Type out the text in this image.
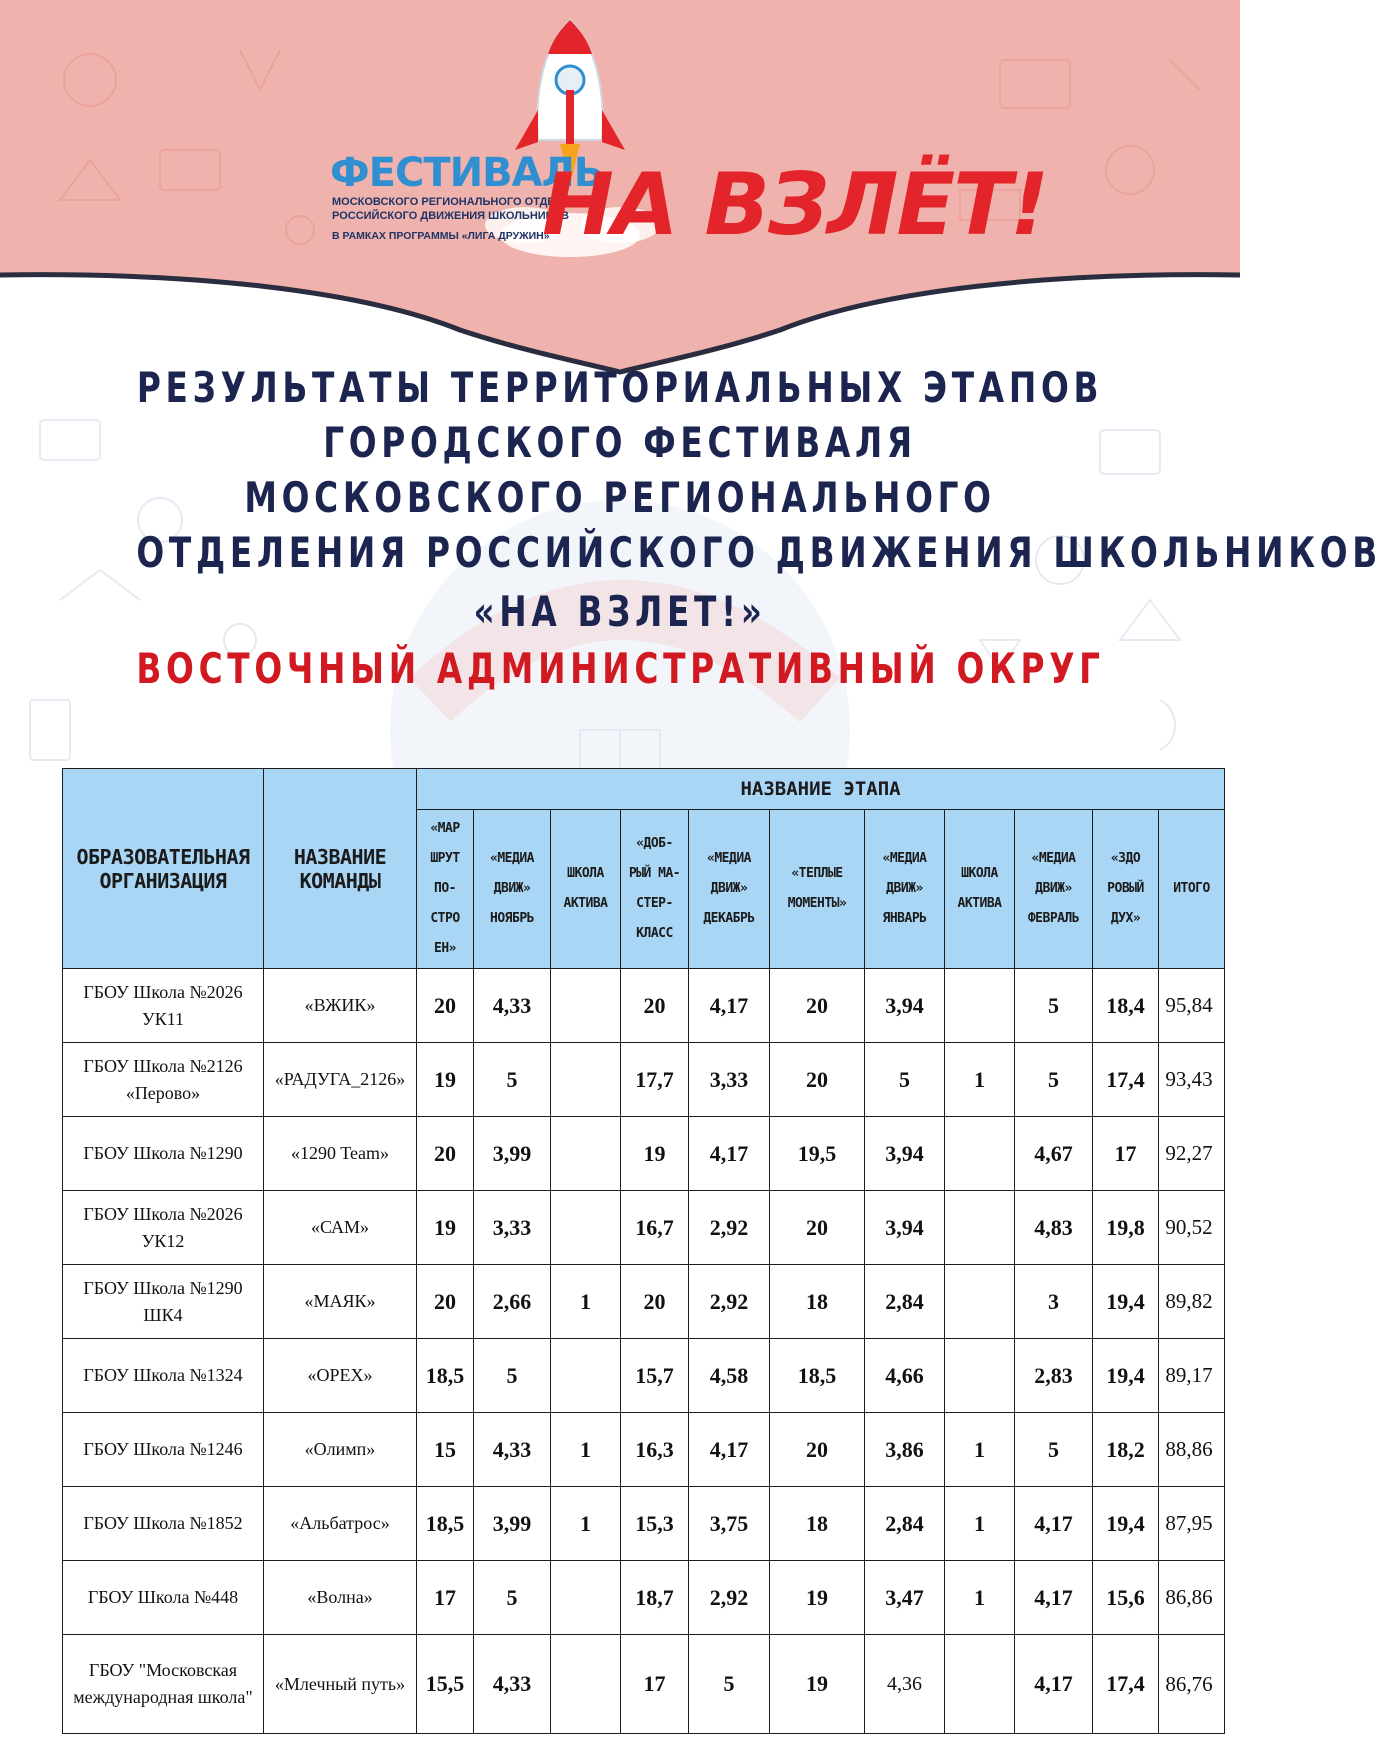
ФЕСТИВАЛЬ
МОСКОВСКОГО РЕГИОНАЛЬНОГО ОТДЕЛЕНИЯ
РОССИЙСКОГО ДВИЖЕНИЯ ШКОЛЬНИКОВ
В РАМКАХ ПРОГРАММЫ «ЛИГА ДРУЖИН»
НА ВЗЛЁТ!
РЕЗУЛЬТАТЫ ТЕРРИТОРИАЛЬНЫХ ЭТАПОВ
ГОРОДСКОГО ФЕСТИВАЛЯ
МОСКОВСКОГО РЕГИОНАЛЬНОГО
ОТДЕЛЕНИЯ РОССИЙСКОГО ДВИЖЕНИЯ ШКОЛЬНИКОВ
«НА ВЗЛЕТ!»
ВОСТОЧНЫЙ АДМИНИСТРАТИВНЫЙ ОКРУГ
ОБРАЗОВАТЕЛЬНАЯ ОРГАНИЗАЦИЯ	НАЗВАНИЕ КОМАНДЫ	НАЗВАНИЕ ЭТАПА										
		«МАР ШРУТ ПО- СТРО ЕН»	«МЕДИА ДВИЖ» НОЯБРЬ	ШКОЛА АКТИВА	«ДОБ- РЫЙ МА- СТЕР- КЛАСС	«МЕДИА ДВИЖ» ДЕКАБРЬ	«ТЕПЛЫЕ МОМЕНТЫ»	«МЕДИА ДВИЖ» ЯНВАРЬ	ШКОЛА АКТИВА	«МЕДИА ДВИЖ» ФЕВРАЛЬ	«ЗДО РОВЫЙ ДУХ»	ИТОГО
ГБОУ Школа №2026 УК11	«ВЖИК»	20	4,33		20	4,17	20	3,94		5	18,4	95,84
ГБОУ Школа №2126 «Перово»	«РАДУГА_2126»	19	5		17,7	3,33	20	5	1	5	17,4	93,43
ГБОУ Школа №1290	«1290 Team»	20	3,99		19	4,17	19,5	3,94		4,67	17	92,27
ГБОУ Школа №2026 УК12	«САМ»	19	3,33		16,7	2,92	20	3,94		4,83	19,8	90,52
ГБОУ Школа №1290 ШК4	«МАЯК»	20	2,66	1	20	2,92	18	2,84		3	19,4	89,82
ГБОУ Школа №1324	«ОРЕХ»	18,5	5		15,7	4,58	18,5	4,66		2,83	19,4	89,17
ГБОУ Школа №1246	«Олимп»	15	4,33	1	16,3	4,17	20	3,86	1	5	18,2	88,86
ГБОУ Школа №1852	«Альбатрос»	18,5	3,99	1	15,3	3,75	18	2,84	1	4,17	19,4	87,95
ГБОУ Школа №448	«Волна»	17	5		18,7	2,92	19	3,47	1	4,17	15,6	86,86
ГБОУ "Московская международная школа"	«Млечный путь»	15,5	4,33		17	5	19	4,36		4,17	17,4	86,76
